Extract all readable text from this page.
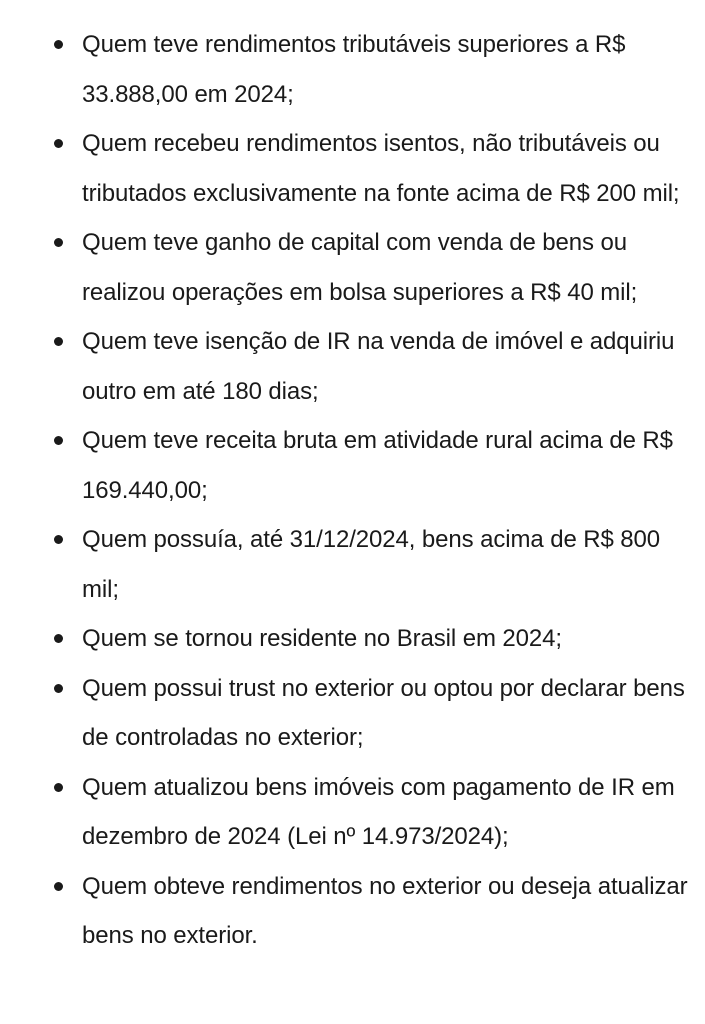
Quem teve rendimentos tributáveis superiores a R$ 33.888,00 em 2024;
Quem recebeu rendimentos isentos, não tributáveis ou tributados exclusivamente na fonte acima de R$ 200 mil;
Quem teve ganho de capital com venda de bens ou realizou operações em bolsa superiores a R$ 40 mil;
Quem teve isenção de IR na venda de imóvel e adquiriu outro em até 180 dias;
Quem teve receita bruta em atividade rural acima de R$ 169.440,00;
Quem possuía, até 31/12/2024, bens acima de R$ 800 mil;
Quem se tornou residente no Brasil em 2024;
Quem possui trust no exterior ou optou por declarar bens de controladas no exterior;
Quem atualizou bens imóveis com pagamento de IR em dezembro de 2024 (Lei nº 14.973/2024);
Quem obteve rendimentos no exterior ou deseja atualizar bens no exterior.
